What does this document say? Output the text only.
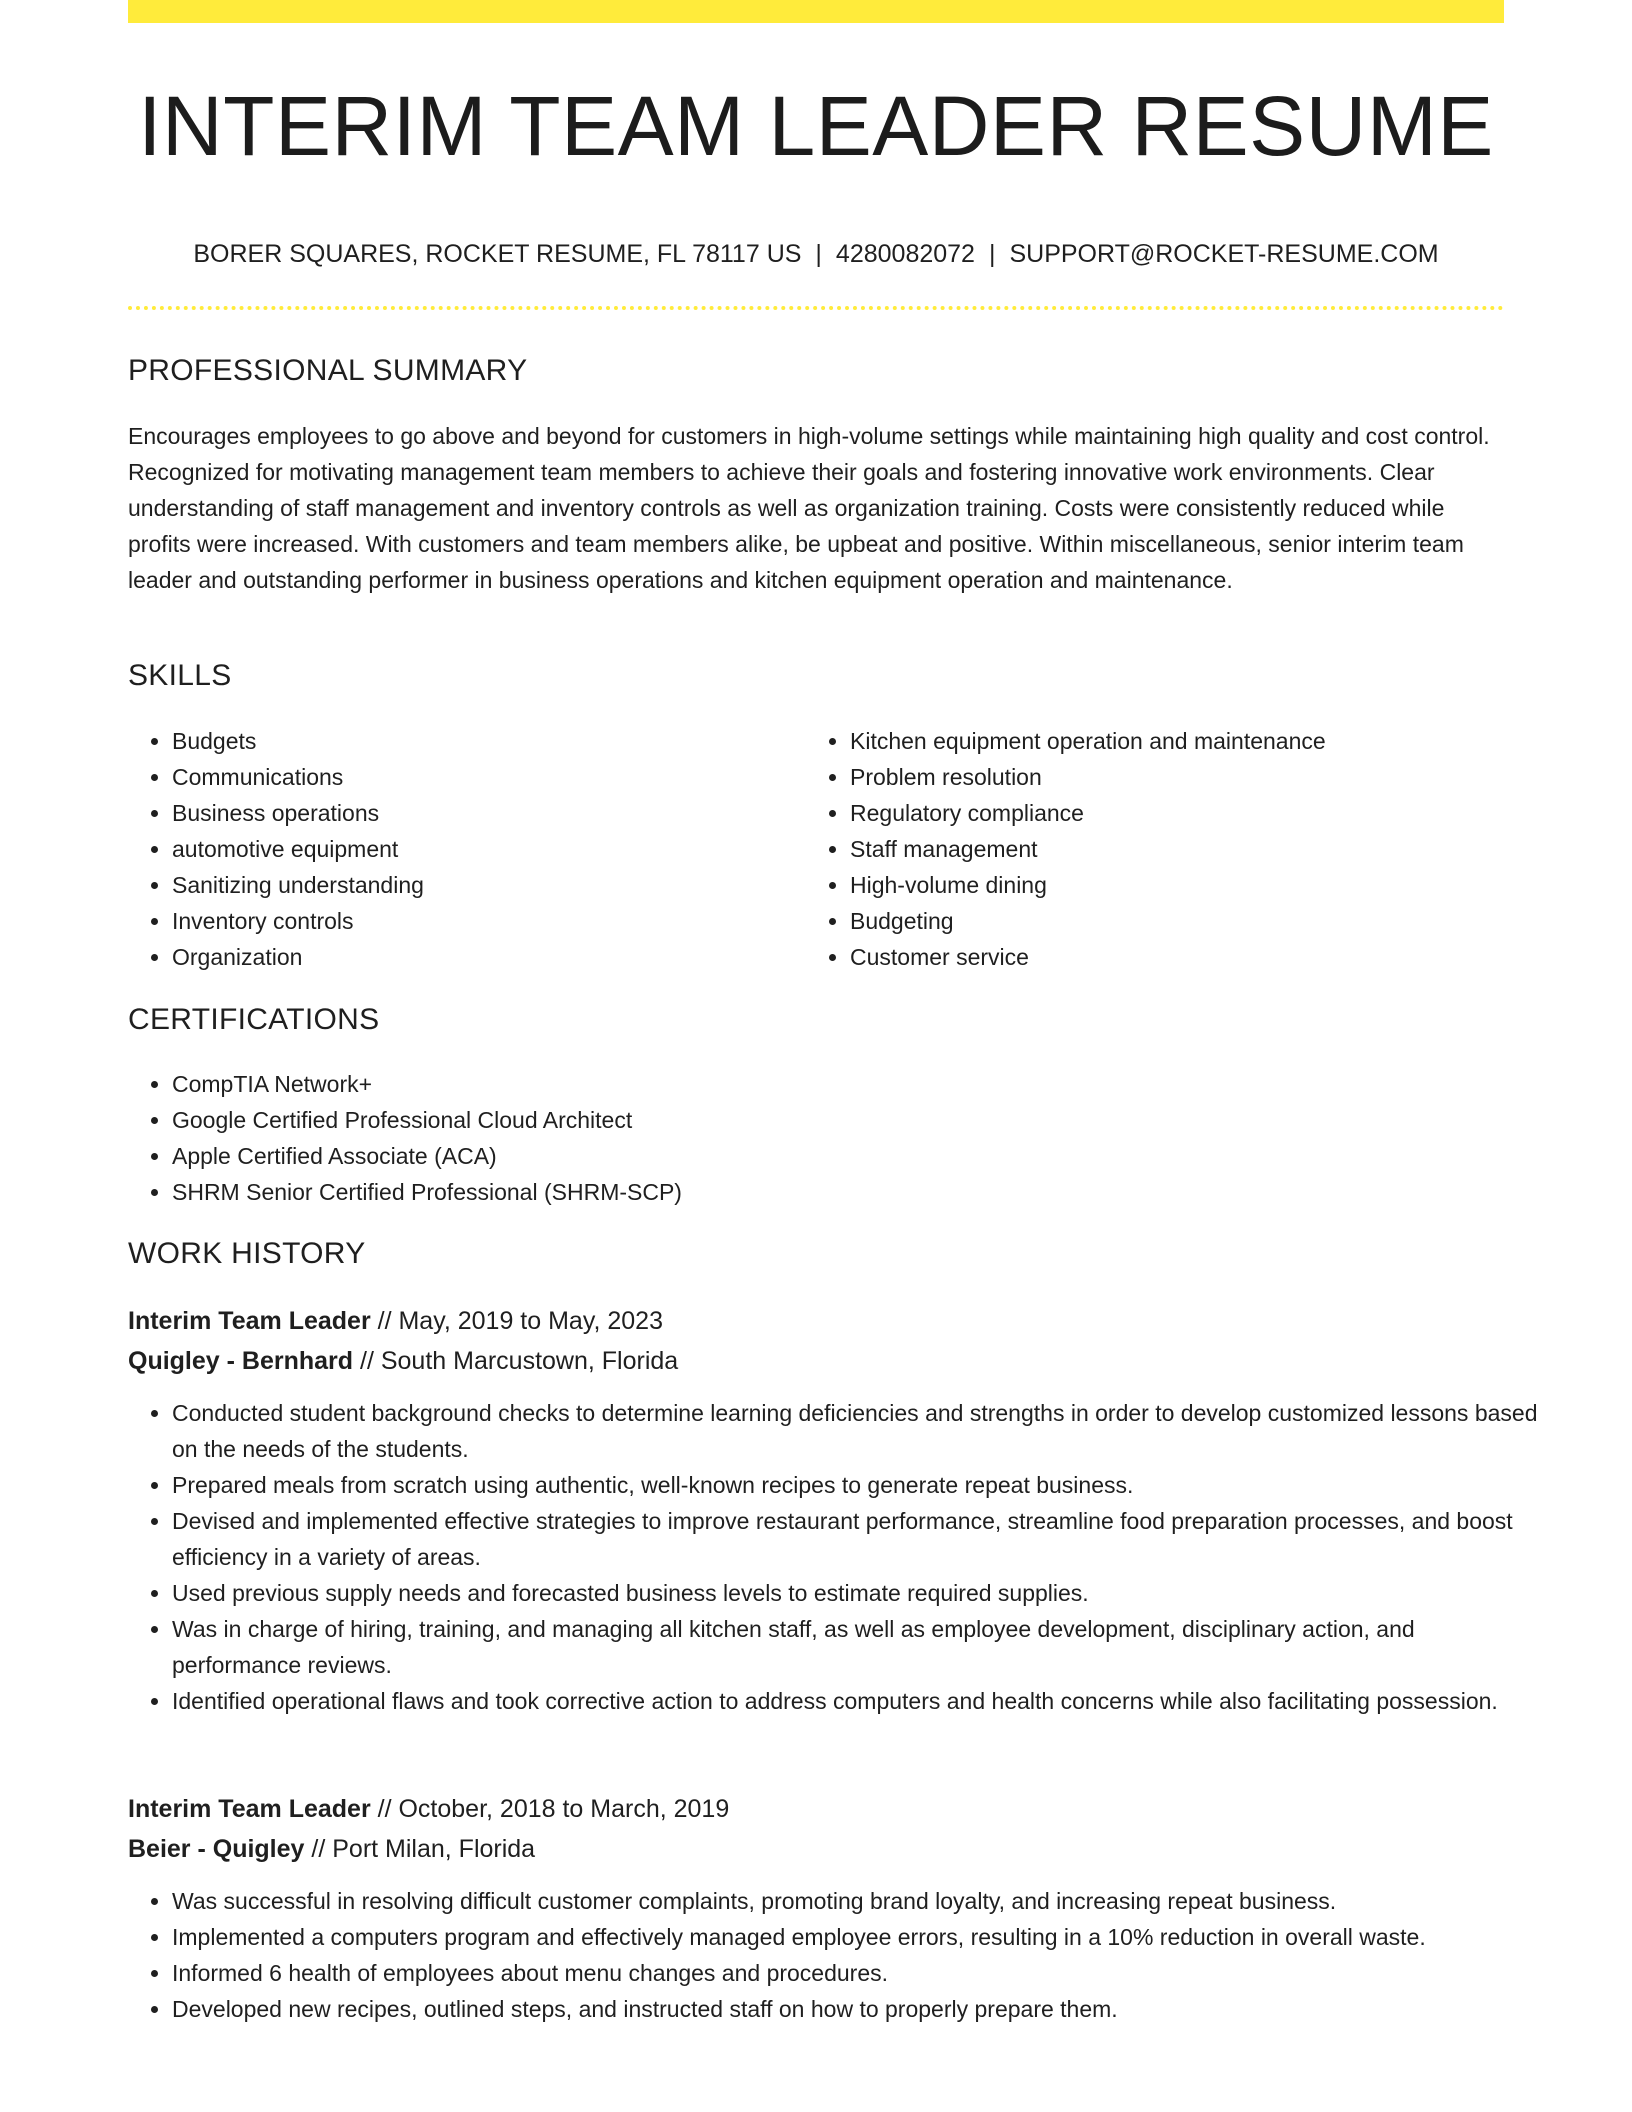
INTERIM TEAM LEADER RESUME
BORER SQUARES, ROCKET RESUME, FL 78117 US | 4280082072 | SUPPORT@ROCKET-RESUME.COM
PROFESSIONAL SUMMARY

Encourages employees to go above and beyond for customers in high-volume settings while maintaining high quality and cost control. Recognized for motivating management team members to achieve their goals and fostering innovative work environments. Clear understanding of staff management and inventory controls as well as organization training. Costs were consistently reduced while profits were increased. With customers and team members alike, be upbeat and positive. Within miscellaneous, senior interim team leader and outstanding performer in business operations and kitchen equipment operation and maintenance.

SKILLS
• Budgets
• Communications
• Business operations
• automotive equipment
• Sanitizing understanding
• Inventory controls
• Organization
• Kitchen equipment operation and maintenance
• Problem resolution
• Regulatory compliance
• Staff management
• High-volume dining
• Budgeting
• Customer service
CERTIFICATIONS
• CompTIA Network+
• Google Certified Professional Cloud Architect
• Apple Certified Associate (ACA)
• SHRM Senior Certified Professional (SHRM-SCP)
WORK HISTORY
Interim Team Leader // May, 2019 to May, 2023
Quigley - Bernhard // South Marcustown, Florida
• Conducted student background checks to determine learning deficiencies and strengths in order to develop customized lessons based on the needs of the students.
• Prepared meals from scratch using authentic, well-known recipes to generate repeat business.
• Devised and implemented effective strategies to improve restaurant performance, streamline food preparation processes, and boost efficiency in a variety of areas.
• Used previous supply needs and forecasted business levels to estimate required supplies.
• Was in charge of hiring, training, and managing all kitchen staff, as well as employee development, disciplinary action, and performance reviews.
• Identified operational flaws and took corrective action to address computers and health concerns while also facilitating possession.
Interim Team Leader // October, 2018 to March, 2019
Beier - Quigley // Port Milan, Florida
• Was successful in resolving difficult customer complaints, promoting brand loyalty, and increasing repeat business.
• Implemented a computers program and effectively managed employee errors, resulting in a 10% reduction in overall waste.
• Informed 6 health of employees about menu changes and procedures.
• Developed new recipes, outlined steps, and instructed staff on how to properly prepare them.
